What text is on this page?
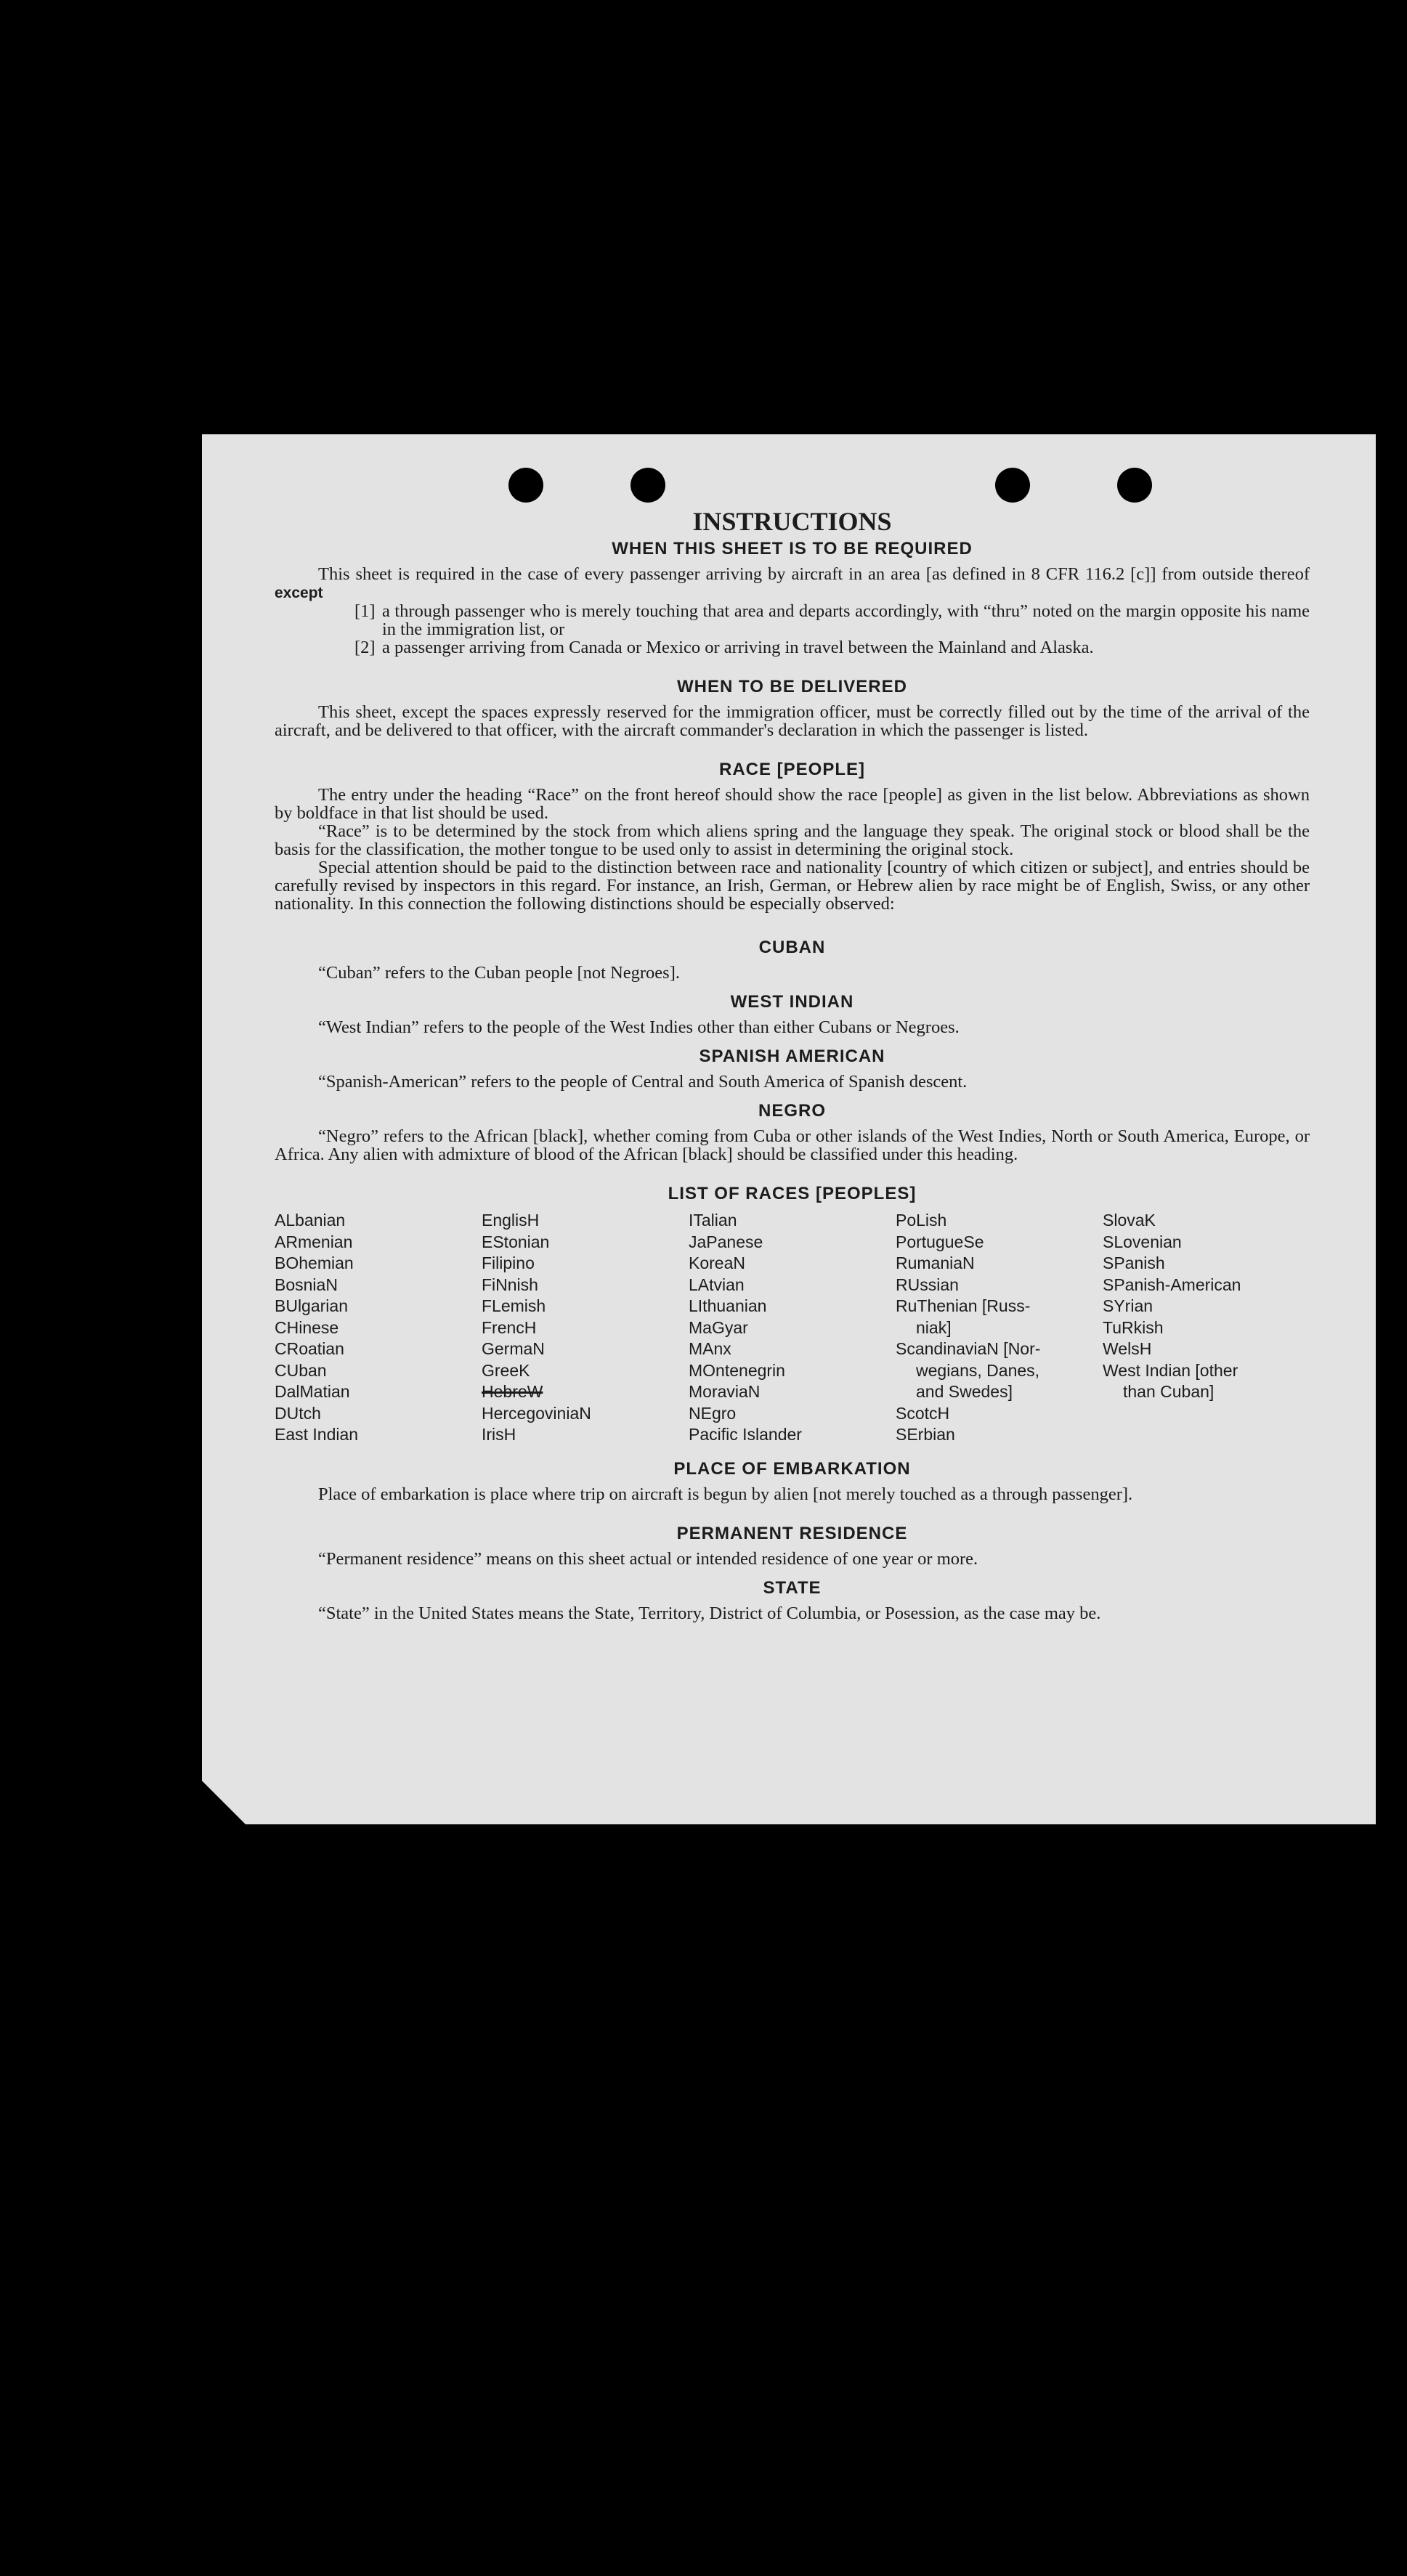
INSTRUCTIONS
WHEN THIS SHEET IS TO BE REQUIRED

This sheet is required in the case of every passenger arriving by aircraft in an area [as defined in 8 CFR 116.2 [c]] from outside thereof except

[1] a through passenger who is merely touching that area and departs accordingly, with “thru” noted on the margin opposite his name in the immigration list, or
[2] a passenger arriving from Canada or Mexico or arriving in travel between the Mainland and Alaska.
WHEN TO BE DELIVERED

This sheet, except the spaces expressly reserved for the immigration officer, must be correctly filled out by the time of the arrival of the aircraft, and be delivered to that officer, with the aircraft commander's declaration in which the passenger is listed.

RACE [PEOPLE]

The entry under the heading “Race” on the front hereof should show the race [people] as given in the list below. Abbreviations as shown by boldface in that list should be used.

“Race” is to be determined by the stock from which aliens spring and the language they speak. The original stock or blood shall be the basis for the classification, the mother tongue to be used only to assist in determining the original stock.

Special attention should be paid to the distinction between race and nationality [country of which citizen or subject], and entries should be carefully revised by inspectors in this regard. For instance, an Irish, German, or Hebrew alien by race might be of English, Swiss, or any other nationality. In this connection the following distinctions should be especially observed:

CUBAN

“Cuban” refers to the Cuban people [not Negroes].

WEST INDIAN

“West Indian” refers to the people of the West Indies other than either Cubans or Negroes.

SPANISH AMERICAN

“Spanish-American” refers to the people of Central and South America of Spanish descent.

NEGRO

“Negro” refers to the African [black], whether coming from Cuba or other islands of the West Indies, North or South America, Europe, or Africa. Any alien with admixture of blood of the African [black] should be classified under this heading.

LIST OF RACES [PEOPLES]
ALbanian
ARmenian
BOhemian
BosniaN
BUlgarian
CHinese
CRoatian
CUban
DalMatian
DUtch
East Indian
EnglisH
EStonian
Filipino
FiNnish
FLemish
FrencH
GermaN
GreeK
HebreW
HercegoviniaN
IrisH
ITalian
JaPanese
KoreaN
LAtvian
LIthuanian
MaGyar
MAnx
MOntenegrin
MoraviaN
NEgro
Pacific Islander
PoLish
PortugueSe
RumaniaN
RUssian
RuThenian [Russ-
niak]
ScandinaviaN [Nor-
wegians, Danes,
and Swedes]
ScotcH
SErbian
SlovaK
SLovenian
SPanish
SPanish-American
SYrian
TuRkish
WelsH
West Indian [other
than Cuban]
PLACE OF EMBARKATION

Place of embarkation is place where trip on aircraft is begun by alien [not merely touched as a through passenger].

PERMANENT RESIDENCE

“Permanent residence” means on this sheet actual or intended residence of one year or more.

STATE

“State” in the United States means the State, Territory, District of Columbia, or Posession, as the case may be.
